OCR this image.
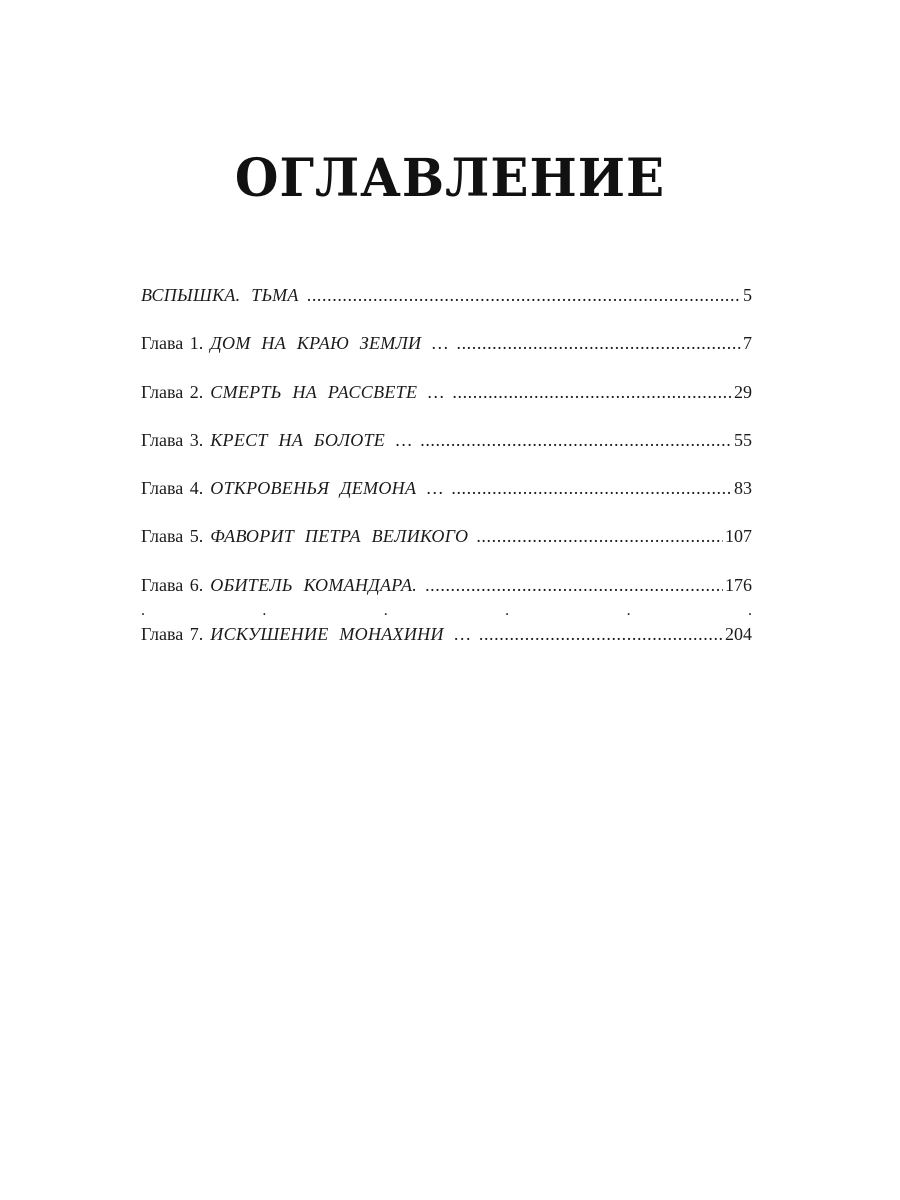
ОГЛАВЛЕНИЕ
ВСПЫШКА. ТЬМА .....	5
Глава 1. ДОМ НА КРАЮ ЗЕМЛИ … .....	7
Глава 2. СМЕРТЬ НА РАССВЕТЕ … .....	29
Глава 3. КРЕСТ НА БОЛОТЕ … .....	55
Глава 4. ОТКРОВЕНЬЯ ДЕМОНА … .....	83
Глава 5. ФАВОРИТ ПЕТРА ВЕЛИКОГО .....	107
Глава 6. ОБИТЕЛЬ КОМАНДАРА. .....	176
.	.	.	.	.	.
Глава 7. ИСКУШЕНИЕ МОНАХИНИ … .....	204
